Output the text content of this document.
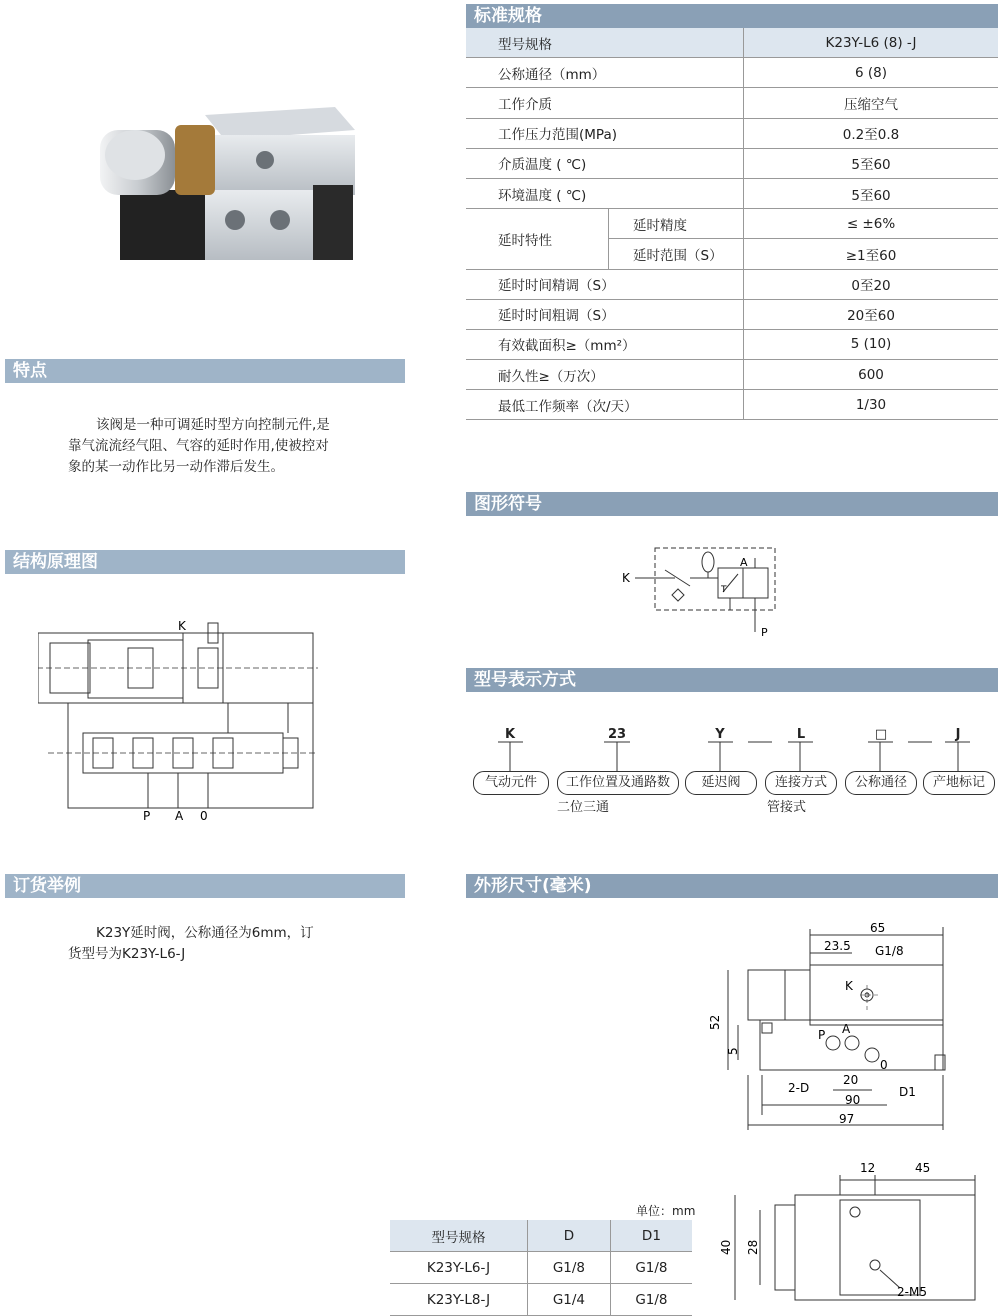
特点
该阀是一种可调延时型方向控制元件,是
靠气流流经气阻、气容的延时作用,使被控对
象的某一动作比另一动作滞后发生。
结构原理图
K
P A 0
订货举例
K23Y延时阀，公称通径为6mm，订
货型号为K23Y-L6-J
标准规格
型号规格		K23Y-L6 (8) -J
公称通径（mm）		6 (8)
工作介质		压缩空气
工作压力范围(MPa)		0.2至0.8
介质温度 ( ℃)		5至60
环境温度 ( ℃)		5至60
延时特性	延时精度	≤ ±6%
	延时范围（S）	≥1至60
延时时间精调（S）		0至20
延时时间粗调（S）		20至60
有效截面积≥（mm²）		5 (10)
耐久性≥（万次）		600
最低工作频率（次/天）		1/30
图形符号
K
A
P
T
型号表示方式
K	23	Y	L	□	J
气动元件	工作位置及通路数	延迟阀	连接方式	公称通径	产地标记
二位三通	管接式
外形尺寸(毫米)
65
23.5 G1/8
K
52
5
P A
0
2-D
20
D1
90
97
12	45
40 28
2-M5
单位：mm
型号规格	D	D1
K23Y-L6-J	G1/8	G1/8
K23Y-L8-J	G1/4	G1/8
